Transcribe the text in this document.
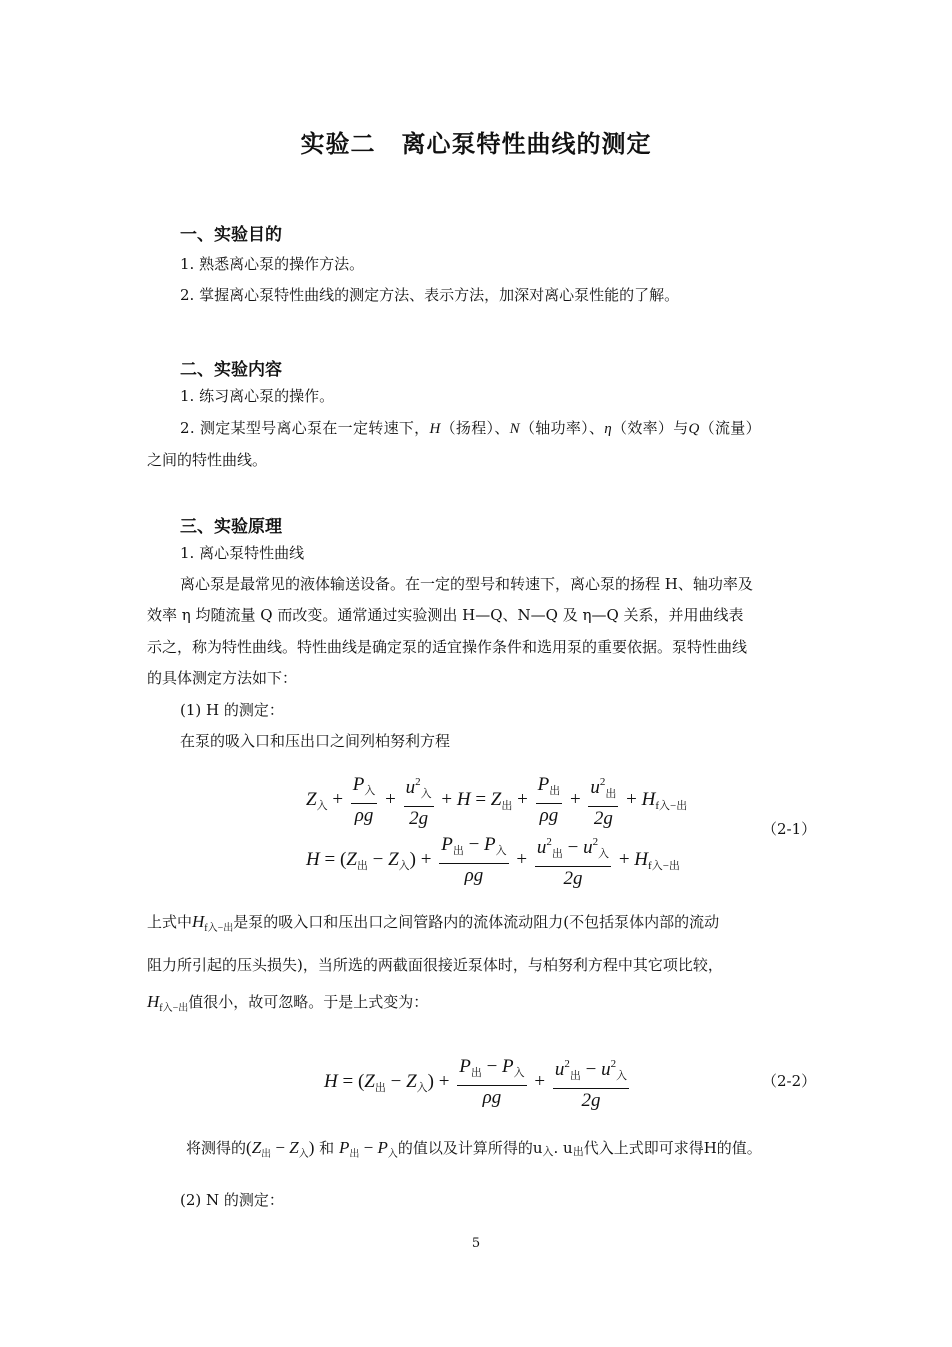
实验二 离心泵特性曲线的测定
一、实验目的
1. 熟悉离心泵的操作方法。
2. 掌握离心泵特性曲线的测定方法、表示方法，加深对离心泵性能的了解。
二、实验内容
1. 练习离心泵的操作。
2. 测定某型号离心泵在一定转速下，H（扬程）、N（轴功率）、η（效率）与Q（流量）
之间的特性曲线。
三、实验原理
1. 离心泵特性曲线
离心泵是最常见的液体输送设备。在一定的型号和转速下，离心泵的扬程 H、轴功率及
效率 η 均随流量 Q 而改变。通常通过实验测出 H—Q、N—Q 及 η—Q 关系，并用曲线表
示之，称为特性曲线。特性曲线是确定泵的适宜操作条件和选用泵的重要依据。泵特性曲线
的具体测定方法如下：
(1) H 的测定：
在泵的吸入口和压出口之间列柏努利方程
$Z_入 + \frac{P_入}{\rho g} + \frac{u^2_入}{2g} + H = Z_出 + \frac{P_出}{\rho g} + \frac{u^2_出}{2g} + H_{f入-出}$
$H = (Z_出 - Z_入) + \frac{P_出 - P_入}{\rho g} + \frac{u^2_出 - u^2_入}{2g} + H_{f入-出}$
（2-1）
上式中$H_{f入-出}$是泵的吸入口和压出口之间管路内的流体流动阻力(不包括泵体内部的流动
阻力所引起的压头损失)，当所选的两截面很接近泵体时，与柏努利方程中其它项比较，
$H_{f入-出}$值很小，故可忽略。于是上式变为：
$H = (Z_出 - Z_入) + \frac{P_出 - P_入}{\rho g} + \frac{u^2_出 - u^2_入}{2g}$	（2-2）
将测得的$(Z_出 - Z_入)$ 和 $P_出 - P_入$的值以及计算所得的u入. u出代入上式即可求得H的值。
(2) N 的测定：
5
